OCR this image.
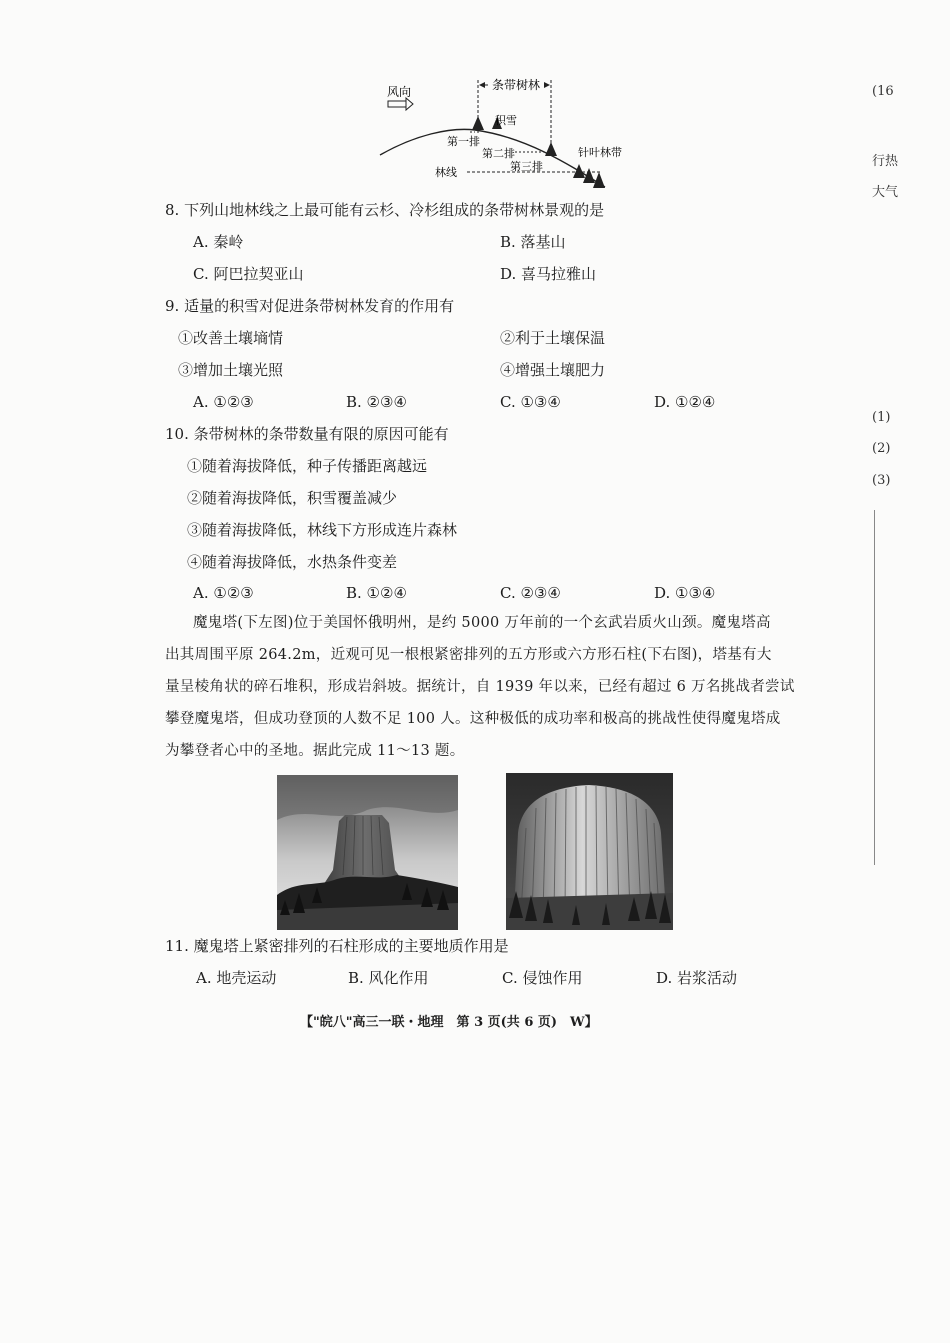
条带树林
风向
积雪
第一排
第二排
第三排
林线
针叶林带
8. 下列山地林线之上最可能有云杉、冷杉组成的条带树林景观的是
A. 秦岭	B. 落基山
C. 阿巴拉契亚山	D. 喜马拉雅山
9. 适量的积雪对促进条带树林发育的作用有
①改善土壤墒情	②利于土壤保温
③增加土壤光照	④增强土壤肥力
A. ①②③	B. ②③④	C. ①③④	D. ①②④
10. 条带树林的条带数量有限的原因可能有
①随着海拔降低，种子传播距离越远
②随着海拔降低，积雪覆盖减少
③随着海拔降低，林线下方形成连片森林
④随着海拔降低，水热条件变差
A. ①②③	B. ①②④	C. ②③④	D. ①③④
魔鬼塔(下左图)位于美国怀俄明州，是约 5000 万年前的一个玄武岩质火山颈。魔鬼塔高
出其周围平原 264.2m，近观可见一根根紧密排列的五方形或六方形石柱(下右图)，塔基有大
量呈棱角状的碎石堆积，形成岩斜坡。据统计，自 1939 年以来，已经有超过 6 万名挑战者尝试
攀登魔鬼塔，但成功登顶的人数不足 100 人。这种极低的成功率和极高的挑战性使得魔鬼塔成
为攀登者心中的圣地。据此完成 11～13 题。
11. 魔鬼塔上紧密排列的石柱形成的主要地质作用是
A. 地壳运动	B. 风化作用	C. 侵蚀作用	D. 岩浆活动
【"皖八"高三一联・地理　第 3 页(共 6 页)　W】
(16
行热
大气
(1)
(2)
(3)
